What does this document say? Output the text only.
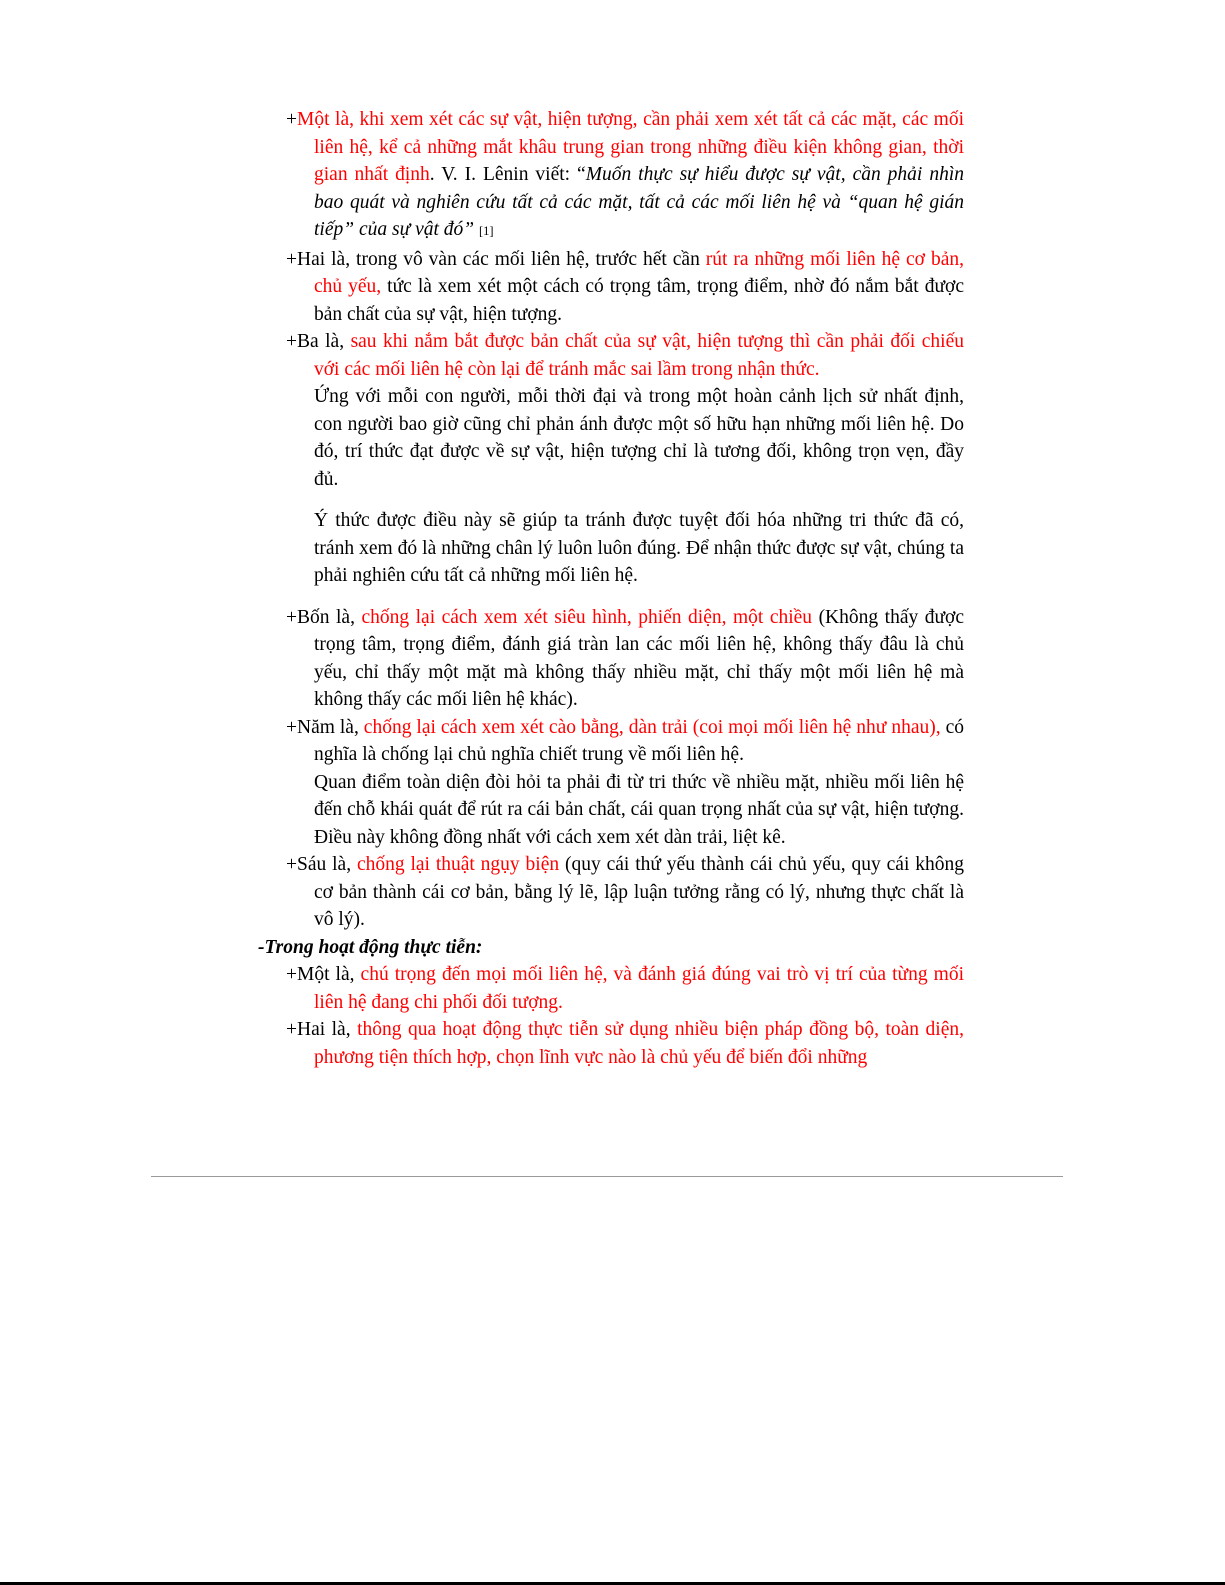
+Một là, khi xem xét các sự vật, hiện tượng, cần phải xem xét tất cả các mặt, các mối liên hệ, kể cả những mắt khâu trung gian trong những điều kiện không gian, thời gian nhất định. V. I. Lênin viết: “Muốn thực sự hiểu được sự vật, cần phải nhìn bao quát và nghiên cứu tất cả các mặt, tất cả các mối liên hệ và “quan hệ gián tiếp” của sự vật đó” [1]

+Hai là, trong vô vàn các mối liên hệ, trước hết cần rút ra những mối liên hệ cơ bản, chủ yếu, tức là xem xét một cách có trọng tâm, trọng điểm, nhờ đó nắm bắt được bản chất của sự vật, hiện tượng.

+Ba là, sau khi nắm bắt được bản chất của sự vật, hiện tượng thì cần phải đối chiếu với các mối liên hệ còn lại để tránh mắc sai lầm trong nhận thức.

Ứng với mỗi con người, mỗi thời đại và trong một hoàn cảnh lịch sử nhất định, con người bao giờ cũng chỉ phản ánh được một số hữu hạn những mối liên hệ. Do đó, trí thức đạt được về sự vật, hiện tượng chỉ là tương đối, không trọn vẹn, đầy đủ.

Ý thức được điều này sẽ giúp ta tránh được tuyệt đối hóa những tri thức đã có, tránh xem đó là những chân lý luôn luôn đúng. Để nhận thức được sự vật, chúng ta phải nghiên cứu tất cả những mối liên hệ.

+Bốn là, chống lại cách xem xét siêu hình, phiến diện, một chiều (Không thấy được trọng tâm, trọng điểm, đánh giá tràn lan các mối liên hệ, không thấy đâu là chủ yếu, chỉ thấy một mặt mà không thấy nhiều mặt, chỉ thấy một mối liên hệ mà không thấy các mối liên hệ khác).

+Năm là, chống lại cách xem xét cào bằng, dàn trải (coi mọi mối liên hệ như nhau), có nghĩa là chống lại chủ nghĩa chiết trung về mối liên hệ.

Quan điểm toàn diện đòi hỏi ta phải đi từ tri thức về nhiều mặt, nhiều mối liên hệ đến chỗ khái quát để rút ra cái bản chất, cái quan trọng nhất của sự vật, hiện tượng. Điều này không đồng nhất với cách xem xét dàn trải, liệt kê.

+Sáu là, chống lại thuật ngụy biện (quy cái thứ yếu thành cái chủ yếu, quy cái không cơ bản thành cái cơ bản, bằng lý lẽ, lập luận tưởng rằng có lý, nhưng thực chất là vô lý).

-Trong hoạt động thực tiễn:

+Một là, chú trọng đến mọi mối liên hệ, và đánh giá đúng vai trò vị trí của từng mối liên hệ đang chi phối đối tượng.

+Hai là, thông qua hoạt động thực tiễn sử dụng nhiều biện pháp đồng bộ, toàn diện, phương tiện thích hợp, chọn lĩnh vực nào là chủ yếu để biến đổi những
